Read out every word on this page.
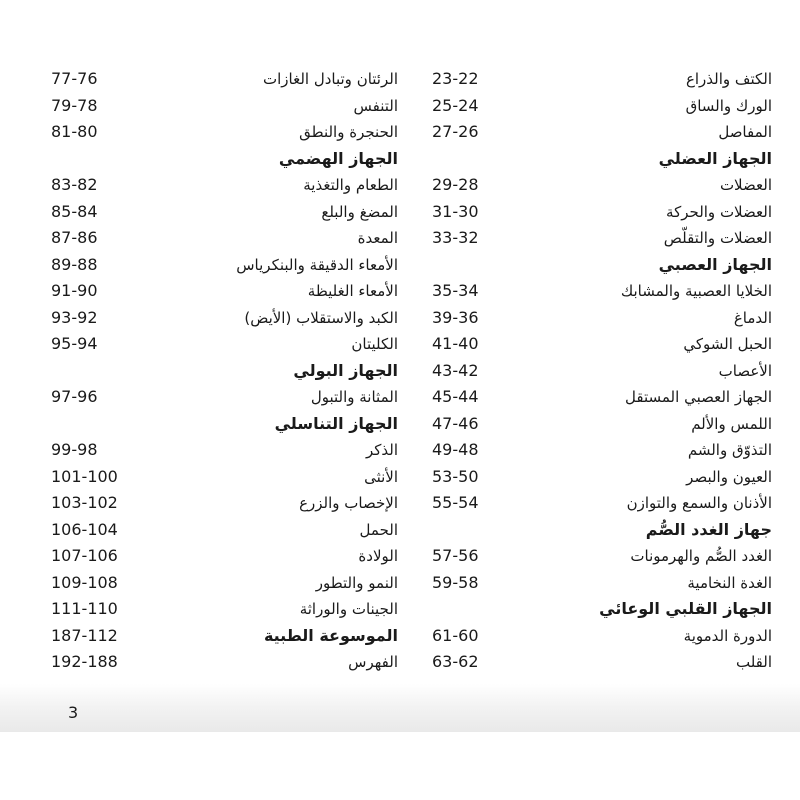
الكتف والذراع
23-22
الورك والساق
25-24
المفاصل
27-26
الجهاز العضلي
العضلات
29-28
العضلات والحركة
31-30
العضلات والتقلّص
33-32
الجهاز العصبي
الخلايا العصبية والمشابك
35-34
الدماغ
39-36
الحبل الشوكي
41-40
الأعصاب
43-42
الجهاز العصبي المستقل
45-44
اللمس والألم
47-46
التذوّق والشم
49-48
العيون والبصر
53-50
الأذنان والسمع والتوازن
55-54
جهاز الغدد الصُّم
الغدد الصُّم والهرمونات
57-56
الغدة النخامية
59-58
الجهاز القلبي الوعائي
الدورة الدموية
61-60
القلب
63-62
الرئتان وتبادل الغازات
77-76
التنفس
79-78
الحنجرة والنطق
81-80
الجهاز الهضمي
الطعام والتغذية
83-82
المضغ والبلع
85-84
المعدة
87-86
الأمعاء الدقيقة والبنكرياس
89-88
الأمعاء الغليظة
91-90
الكبد والاستقلاب (الأيض)
93-92
الكليتان
95-94
الجهاز البولي
المثانة والتبول
97-96
الجهاز التناسلي
الذكر
99-98
الأنثى
101-100
الإخصاب والزرع
103-102
الحمل
106-104
الولادة
107-106
النمو والتطور
109-108
الجينات والوراثة
111-110
الموسوعة الطبية
187-112
الفهرس
192-188
3
